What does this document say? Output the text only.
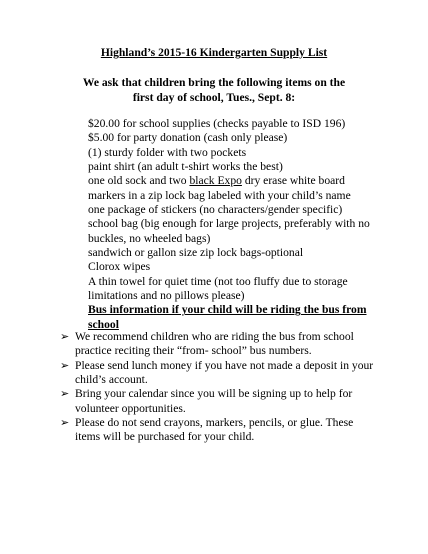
Highland’s 2015-16 Kindergarten Supply List
We ask that children bring the following items on the
first day of school, Tues., Sept. 8:
$20.00 for school supplies (checks payable to ISD 196)
$5.00 for party donation (cash only please)
(1) sturdy folder with two pockets
paint shirt (an adult t-shirt works the best)
one old sock and two black Expo dry erase white board
markers in a zip lock bag labeled with your child’s name
one package of stickers (no characters/gender specific)
school bag (big enough for large projects, preferably with no
buckles, no wheeled bags)
sandwich or gallon size zip lock bags-optional
Clorox wipes
A thin towel for quiet time (not too fluffy due to storage
limitations and no pillows please)
Bus information if your child will be riding the bus from
school
➢ We recommend children who are riding the bus from school
practice reciting their “from- school” bus numbers.
➢ Please send lunch money if you have not made a deposit in your
child’s account.
➢ Bring your calendar since you will be signing up to help for
volunteer opportunities.
➢ Please do not send crayons, markers, pencils, or glue. These
items will be purchased for your child.
